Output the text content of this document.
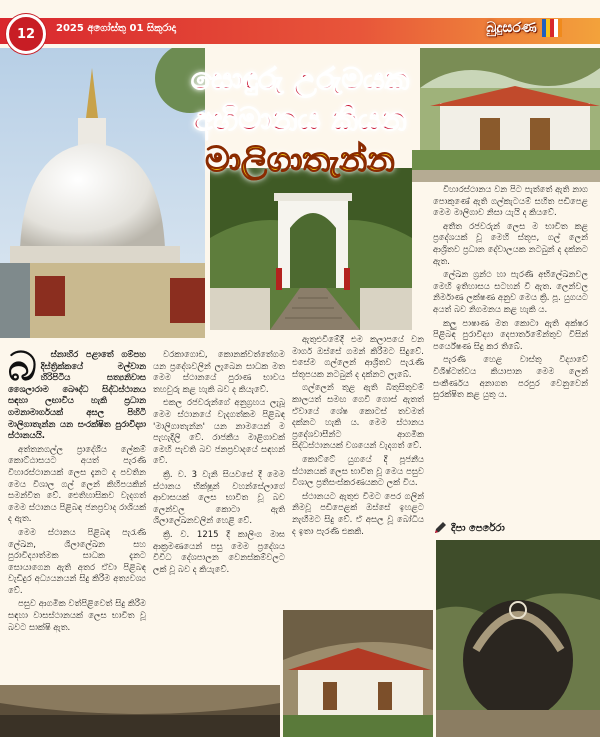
සොඳුරු උරුමයක
අභිමානය කියන
මාලිගාතැන්න
12	2025 අගෝස්තු 01 සිකුරාදා	බුදුසරණ
බ	ස්නාහිර පළාතේ ගම්පහ දිස්ත්‍රික්කයේ මල්වාන හිරිපිටිය සත්‍යනිවාස ශෛලාරාම බෞද්ධ සිද්ධස්ථානය සඳහා ලඟාවිය හැකි ප්‍රධාන ගමනාමාර්ගයක් අසල පිහිටි මාලිගාතැන්න යන සංරක්ෂිත පුරාවිද්‍යා ස්ථානයයි.

අත්තනගල්ල ප්‍රාදේශීය ලේකම් කොට්ඨාසයට අයත් පැරණි විහාරස්ථානයක් ලෙස දැනට ද පවතින මෙය විශාල ගල් ලෙන් කිහිපයකින් සමන්විත වේ. ඓතිහාසිකව වැදගත් මෙම ස්ථානය පිළිබඳ ජනප්‍රවාද රාශියක් ද ඇත.

මෙම ස්ථානය පිළිබඳ පැරැණි ලේඛන, ශිලාලේඛන සහ පුරාවිද්‍යාත්මක සාධක දැනට සොයාගෙන ඇති අතර ඒවා පිළිබඳ වැඩිදුර අධ්‍යයනයන් සිදු කිරීම අත්‍යවශ්‍ය වේ.

පසුව ආගමික වත්පිළිවෙත් සිදු කිරීම සඳහා වාසස්ථානයක් ලෙස භාවිත වූ බවට සාක්ෂි ඇත.

වරකාගොඩ, කොනක්වත්තේගම යන ප්‍රදේශවලින් ලැබෙන සාධක මත මෙම ස්ථානයේ පුරාණ භාවය තහවුරු කළ හැකි බව ද කියැවේ.

එකල රජවරුන්ගේ අනුග්‍රහය ලැබූ මෙම ස්ථානයේ වැදගත්කම පිළිබඳ 'මාලිගාතැන්න' යන නාමයෙන් ම පැහැදිලි වේ. රාජකීය මාළිගාවක් මෙහි පැවති බව ජනප්‍රවාදයේ සඳහන් වේ.

ක්‍රි. ව. 3 වැනි සියවසේ දී මෙම ස්ථානය භික්ෂූන් වහන්සේලාගේ ආවාසයක් ලෙස භාවිත වූ බව ලෙන්වල කොටා ඇති ශිලාලේඛනවලින් හෙළි වේ.

ක්‍රි. ව. 1215 දී කාලිංග මාඝ ආක්‍රමණයෙන් පසු මෙම ප්‍රදේශය විවිධ දේශපාලන වෙනස්කම්වලට ලක් වූ බව ද කියැවේ.

ඇතුළුවීමේදී එම කලාපයේ වන මාර්ග ඔස්සේ ගමන් කිරීමට සිදුවේ. එසේම ගල්ලෙන් ආශ්‍රිතව පැරැණි ස්තූපයක නටබුන් ද දක්නට ලැබේ.

ගල්ලෙන් තුළ ඇති බිතුසිතුවම් කාලයත් සමඟ ගෙවී ගොස් ඇතත් ඒවායේ ශේෂ කොටස් තවමත් දක්නට හැකි ය. මෙම ස්ථානය ප්‍රදේශවාසීන්ට ආගමික සිද්ධස්ථානයක් වශයෙන් වැදගත් වේ.

කොට්ටේ යුගයේ දී පූජනීය ස්ථානයක් ලෙස භාවිත වූ මෙය පසුව විශාල ප්‍රතිසංස්කරණයකට ලක් විය.

ස්ථානයට ඇතුළු වීමට පෙර ගලින් නිමවූ පඩිපෙළක් ඔස්සේ ඉහළට නැඟීමට සිදු වේ. ඒ අසල වූ බෝධිය ද ඉතා පැරණි එකකි.

විහාරස්ථානය වන පිට පැත්තේ ඇති නාග පොකුණේ ඇති ගල්කැටයම් සහිත පඩිපෙළ මෙම මාලිගාව නිසා යැයි ද කියවේ.

අතීත රජවරුන් ලෙස ම භාවිත කළ ප්‍රදේශයක් වූ මෙහි ස්තූප, ගල් ලෙන් ආශ්‍රිතව ප්‍රධාන දේවාලයක නටබුන් ද දක්නට ඇත.

ලේඛන ග්‍රන්ථ හා පැරණි අභිලේඛනවල මෙහි ඉතිහාසය සටහන් වී ඇත. ලෙන්වල නිර්මාණ ලක්ෂණ අනුව මෙය ක්‍රි. පූ. යුගයට අයත් බව නිගමනය කළ හැකි ය.

කලු පාෂාණ මත කොටා ඇති අක්ෂර පිළිබඳ පුරාවිද්‍යා දෙපාර්තමේන්තුව විසින් පර්යේෂණ සිදු කර තිබේ.

පැරණි හෙළ වාස්තු විද්‍යාවේ විශිෂ්ටත්වය කියාපාන මෙම ලෙන් සංකීර්ණය අනාගත පරපුර වෙනුවෙන් සුරක්ෂිත කළ යුතු ය.

දීපා පෙරේරා
